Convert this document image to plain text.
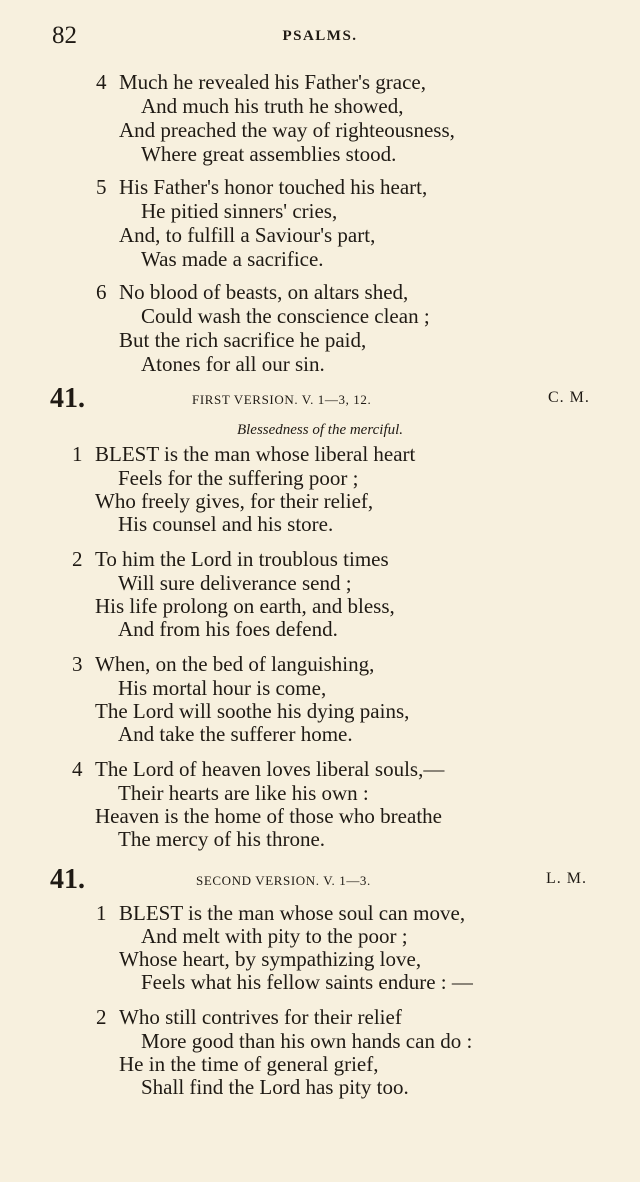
82	PSALMS.
4 Much he revealed his Father's grace,
And much his truth he showed,
And preached the way of righteousness,
Where great assemblies stood.
5 His Father's honor touched his heart,
He pitied sinners' cries,
And, to fulfill a Saviour's part,
Was made a sacrifice.
6 No blood of beasts, on altars shed,
Could wash the conscience clean ;
But the rich sacrifice he paid,
Atones for all our sin.
41.	FIRST VERSION. V. 1—3, 12.	C. M.
Blessedness of the merciful.
1 BLEST is the man whose liberal heart
Feels for the suffering poor ;
Who freely gives, for their relief,
His counsel and his store.
2 To him the Lord in troublous times
Will sure deliverance send ;
His life prolong on earth, and bless,
And from his foes defend.
3 When, on the bed of languishing,
His mortal hour is come,
The Lord will soothe his dying pains,
And take the sufferer home.
4 The Lord of heaven loves liberal souls,—
Their hearts are like his own :
Heaven is the home of those who breathe
The mercy of his throne.
41.	SECOND VERSION. V. 1—3.	L. M.
1 BLEST is the man whose soul can move,
And melt with pity to the poor ;
Whose heart, by sympathizing love,
Feels what his fellow saints endure : —
2 Who still contrives for their relief
More good than his own hands can do :
He in the time of general grief,
Shall find the Lord has pity too.
